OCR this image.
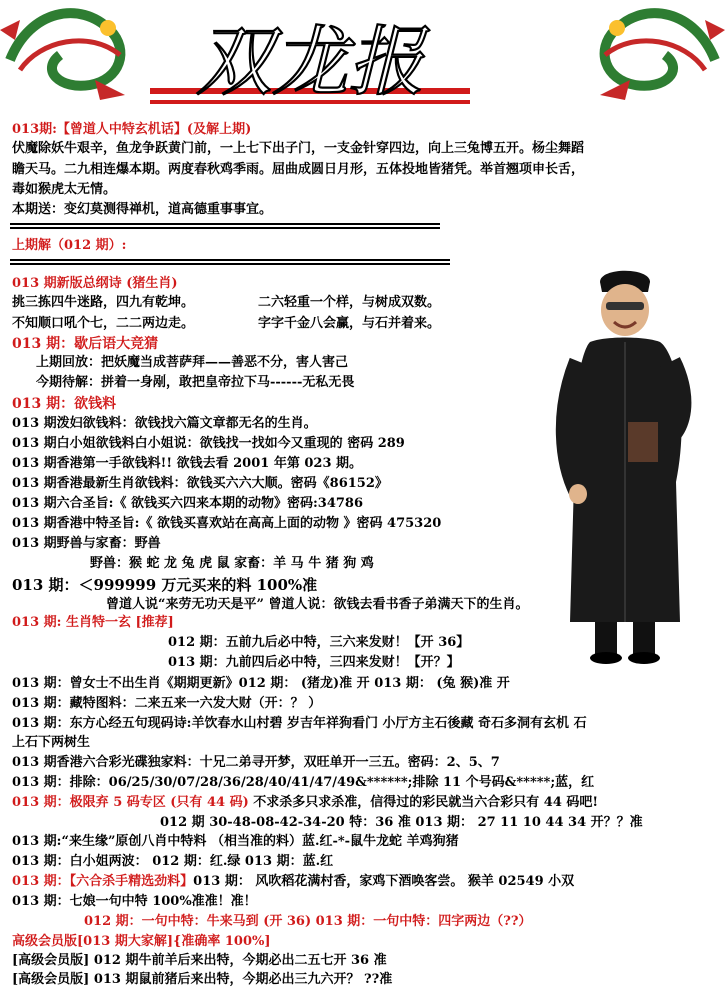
双龙报
013期:【曾道人中特玄机话】(及解上期)
伏魔除妖牛艰辛，鱼龙争跃黄门前，一上七下出子门，一支金针穿四边，向上三兔博五开。杨尘舞蹈
瞻天马。二九相连爆本期。两度春秋鸡季雨。屈曲成圆日月形，五体投地皆猪凭。举首翘项申长舌，
毒如猴虎太无情。
本期送：变幻莫测得禅机，道高德重事事宜。
上期解（012 期）:
013 期新版总纲诗 (猪生肖)
挑三拣四牛迷路，四九有乾坤。	二六轻重一个样，与树成双数。
不知顺口吼个七，二二两边走。	字字千金八会赢，与石并着来。
013 期：歇后语大竞猜
上期回放：把妖魔当成菩萨拜——善恶不分，害人害己
今期待解：拼着一身剐，敢把皇帝拉下马------无私无畏
013 期：欲钱料
013 期泼妇欲钱料：欲钱找六篇文章都无名的生肖。
013 期白小姐欲钱料白小姐说：欲钱找一找如今又重现的 密码 289
013 期香港第一手欲钱料!! 欲钱去看 2001 年第 023 期。
013 期香港最新生肖欲钱料：欲钱买六六大顺。密码《86152》
013 期六合圣旨:《 欲钱买六四来本期的动物》密码:34786
013 期香港中特圣旨:《 欲钱买喜欢站在高高上面的动物 》密码 475320
013 期野兽与家畜：野兽
野兽：猴 蛇 龙 兔 虎 鼠 家畜：羊 马 牛 猪 狗 鸡
013 期：＜999999 万元买来的料 100%准
曾道人说“来劳无功天是平” 曾道人说：欲钱去看书香子弟满天下的生肖。
013 期: 生肖特一玄 [推荐]
012 期：五前九后必中特，三六来发财！【开 36】
013 期：九前四后必中特，三四来发财！【开？】
013 期：曾女士不出生肖《期期更新》012 期： (猪龙)准 开 013 期： (兔 猴)准 开
013 期：藏特图料：二来五来一六发大财（开：？ ）
013 期：东方心经五句现码诗:羊饮春水山村碧 岁吉年祥狗看门 小厅方主石後藏 奇石多洞有玄机 石
上石下两树生
013 期香港六合彩光碟独家料：十兄二弟寻开梦，双旺单开一三五。密码：2、5、7
013 期：排除：06/25/30/07/28/36/28/40/41/47/49&******;排除 11 个号码&*****;蓝，红
013 期：极限弃 5 码专区 (只有 44 码) 不求杀多只求杀准，信得过的彩民就当六合彩只有 44 码吧!
012 期 30-48-08-42-34-20 特：36 准 013 期： 27 11 10 44 34 开？？准
013 期:“来生缘”原创八肖中特料 （相当准的料）蓝.红-*-鼠牛龙蛇 羊鸡狗猪
013 期：白小姐两波： 012 期：红.绿 013 期：蓝.红
013 期：【六合杀手精选劲料】013 期： 风吹稻花满村香，家鸡下酒唤客尝。 猴羊 02549 小双
013 期：七娘一句中特 100%准准！准！
012 期：一句中特：牛来马到 (开 36) 013 期：一句中特：四字两边（??）
高级会员版[013 期大家解]{准确率 100%]
[高级会员版] 012 期牛前羊后来出特，今期必出二五七开 36 准
[高级会员版] 013 期鼠前猪后来出特，今期必出三九六开？ ??准
